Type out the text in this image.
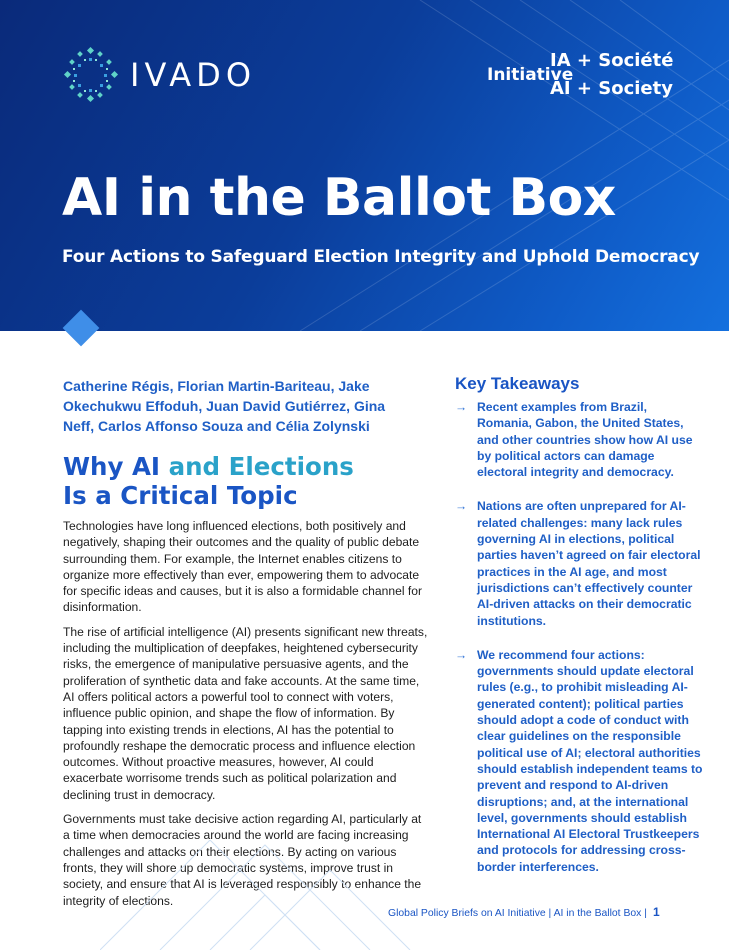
IVADO	Initiative
IA + Société
AI + Society
AI in the Ballot Box

Four Actions to Safeguard Election Integrity and Uphold Democracy

Catherine Régis, Florian Martin-Bariteau, Jake Okechukwu Effoduh, Juan David Gutiérrez, Gina Neff, Carlos Affonso Souza and Célia Zolynski

Why AI and Elections
Is a Critical Topic

Technologies have long influenced elections, both positively and negatively, shaping their outcomes and the quality of public debate surrounding them. For example, the Internet enables citizens to organize more effectively than ever, empowering them to advocate for specific ideas and causes, but it is also a formidable channel for disinformation.

The rise of artificial intelligence (AI) presents significant new threats, including the multiplication of deepfakes, heightened cybersecurity risks, the emergence of manipulative persuasive agents, and the proliferation of synthetic data and fake accounts. At the same time, AI offers political actors a powerful tool to connect with voters, influence public opinion, and shape the flow of information. By tapping into existing trends in elections, AI has the potential to profoundly reshape the democratic process and influence election outcomes. Without proactive measures, however, AI could exacerbate worrisome trends such as political polarization and declining trust in democracy.

Governments must take decisive action regarding AI, particularly at a time when democracies around the world are facing increasing challenges and attacks on their elections. By acting on various fronts, they will shore up democratic systems, improve trust in society, and ensure that AI is leveraged responsibly to enhance the integrity of elections.

Key Takeaways
→ Recent examples from Brazil, Romania, Gabon, the United States, and other countries show how AI use by political actors can damage electoral integrity and democracy.
→ Nations are often unprepared for AI-related challenges: many lack rules governing AI in elections, political parties haven’t agreed on fair electoral practices in the AI age, and most jurisdictions can’t effectively counter AI-driven attacks on their democratic institutions.
→ We recommend four actions: governments should update electoral rules (e.g., to prohibit misleading AI-generated content); political parties should adopt a code of conduct with clear guidelines on the responsible political use of AI; electoral authorities should establish independent teams to prevent and respond to AI-driven disruptions; and, at the international level, governments should establish International AI Electoral Trustkeepers and protocols for addressing cross-border interferences.
Global Policy Briefs on AI Initiative | AI in the Ballot Box | 1
